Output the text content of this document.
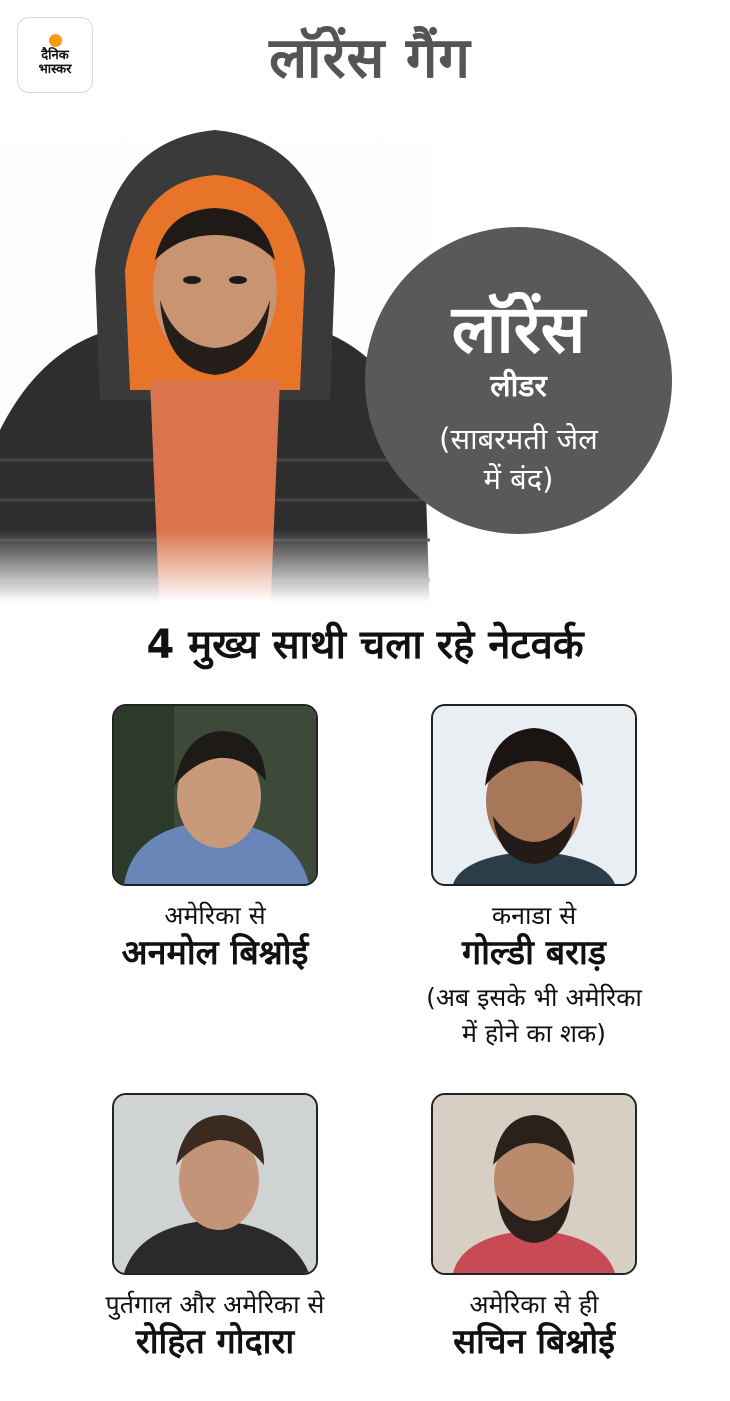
दैनिक
भास्कर	लॉरेंस गैंग
लॉरेंस
लीडर
(साबरमती जेल
में बंद)
4 मुख्य साथी चला रहे नेटवर्क
अमेरिका से
अनमोल बिश्नोई
कनाडा से
गोल्डी बराड़
(अब इसके भी अमेरिका
में होने का शक)
पुर्तगाल और अमेरिका से
रोहित गोदारा
अमेरिका से ही
सचिन बिश्नोई
